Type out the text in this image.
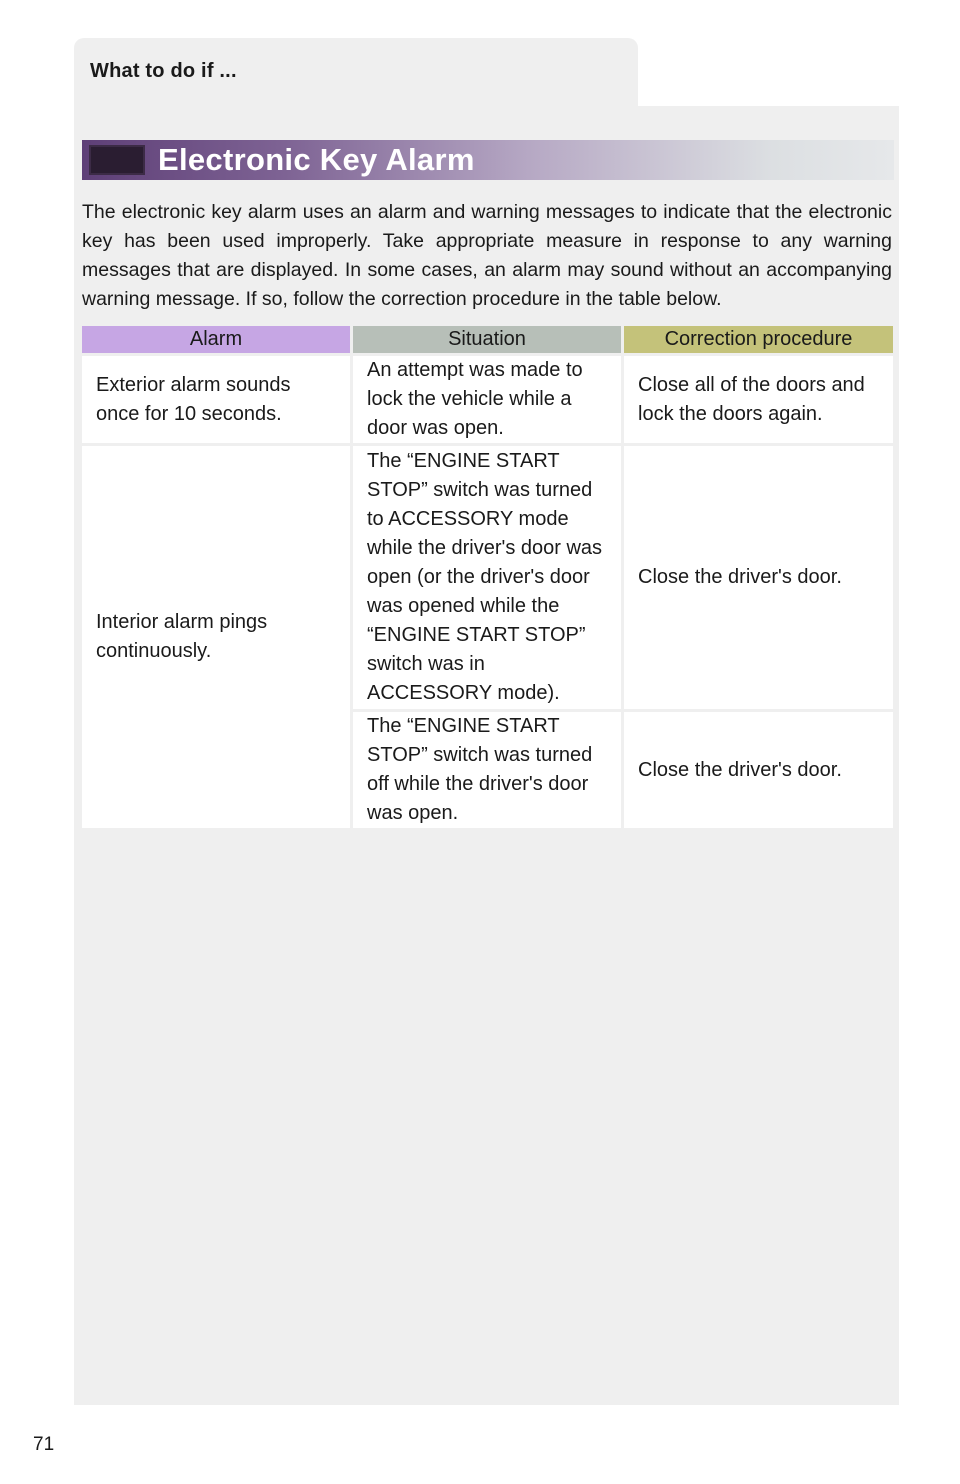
What to do if ...
Electronic Key Alarm

The electronic key alarm uses an alarm and warning messages to indicate that the electronic key has been used improperly. Take appropriate measure in response to any warning messages that are displayed. In some cases, an alarm may sound without an accompanying warning message. If so, follow the correction procedure in the table below.

Alarm	Situation	Correction procedure
Exterior alarm sounds once for 10 seconds.	An attempt was made to lock the vehicle while a door was open.	Close all of the doors and lock the doors again.
Interior alarm pings continuously.	The “ENGINE START STOP” switch was turned to ACCESSORY mode while the driver's door was open (or the driver's door was opened while the “ENGINE START STOP” switch was in ACCESSORY mode).	Close the driver's door.
	The “ENGINE START STOP” switch was turned off while the driver's door was open.	Close the driver's door.
71
